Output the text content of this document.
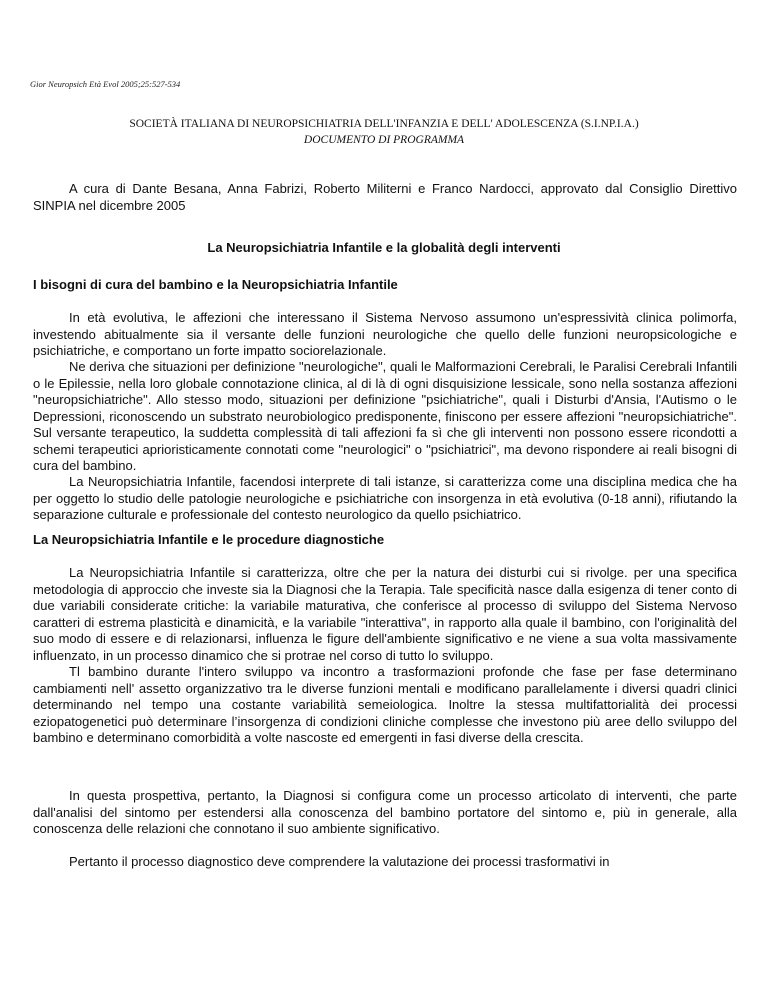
Gior Neuropsich Età Evol 2005;25:527-534
SOCIETÀ ITALIANA DI NEUROPSICHIATRIA DELL'INFANZIA E DELL' ADOLESCENZA (S.I.NP.I.A.)
DOCUMENTO DI PROGRAMMA

A cura di Dante Besana, Anna Fabrizi, Roberto Militerni e Franco Nardocci, approvato dal Consiglio Direttivo SINPIA nel dicembre 2005

La Neuropsichiatria Infantile e la globalità degli interventi

I bisogni di cura del bambino e la Neuropsichiatria Infantile

In età evolutiva, le affezioni che interessano il Sistema Nervoso assumono un'espressività clinica polimorfa, investendo abitualmente sia il versante delle funzioni neurologiche che quello delle funzioni neuropsicologiche e psichiatriche, e comportano un forte impatto sociorelazionale.

Ne deriva che situazioni per definizione "neurologiche", quali le Malformazioni Cerebrali, le Paralisi Cerebrali Infantili o le Epilessie, nella loro globale connotazione clinica, al di là di ogni disquisizione lessicale, sono nella sostanza affezioni "neuropsichiatriche". Allo stesso modo, situazioni per definizione "psichiatriche", quali i Disturbi d'Ansia, l'Autismo o le Depressioni, riconoscendo un substrato neurobiologico predisponente, finiscono per essere affezioni "neuropsichiatriche". Sul versante terapeutico, la suddetta complessità di tali affezioni fa sì che gli interventi non possono essere ricondotti a schemi terapeutici aprioristicamente connotati come "neurologici" o "psichiatrici", ma devono rispondere ai reali bisogni di cura del bambino.

La Neuropsichiatria Infantile, facendosi interprete di tali istanze, si caratterizza come una disciplina medica che ha per oggetto lo studio delle patologie neurologiche e psichiatriche con insorgenza in età evolutiva (0-18 anni), rifiutando la separazione culturale e professionale del contesto neurologico da quello psichiatrico.

La Neuropsichiatria Infantile e le procedure diagnostiche

La Neuropsichiatria Infantile si caratterizza, oltre che per la natura dei disturbi cui si rivolge. per una specifica metodologia di approccio che investe sia la Diagnosi che la Terapia. Tale specificità nasce dalla esigenza di tener conto di due variabili considerate critiche: la variabile maturativa, che conferisce al processo di sviluppo del Sistema Nervoso caratteri di estrema plasticità e dinamicità, e la variabile "interattiva", in rapporto alla quale il bambino, con l'originalità del suo modo di essere e di relazionarsi, influenza le figure dell'ambiente significativo e ne viene a sua volta massivamente influenzato, in un processo dinamico che si protrae nel corso di tutto lo sviluppo.

Tl bambino durante l'intero sviluppo va incontro a trasformazioni profonde che fase per fase determinano cambiamenti nell' assetto organizzativo tra le diverse funzioni mentali e modificano parallelamente i diversi quadri clinici determinando nel tempo una costante variabilità semeiologica. Inoltre la stessa multifattorialità dei processi eziopatogenetici può determinare l’insorgenza di condizioni cliniche complesse che investono più aree dello sviluppo del bambino e determinano comorbidità a volte nascoste ed emergenti in fasi diverse della crescita.

In questa prospettiva, pertanto, la Diagnosi si configura come un processo articolato di interventi, che parte dall'analisi del sintomo per estendersi alla conoscenza del bambino portatore del sintomo e, più in generale, alla conoscenza delle relazioni che connotano il suo ambiente significativo.

Pertanto il processo diagnostico deve comprendere la valutazione dei processi trasformativi in
